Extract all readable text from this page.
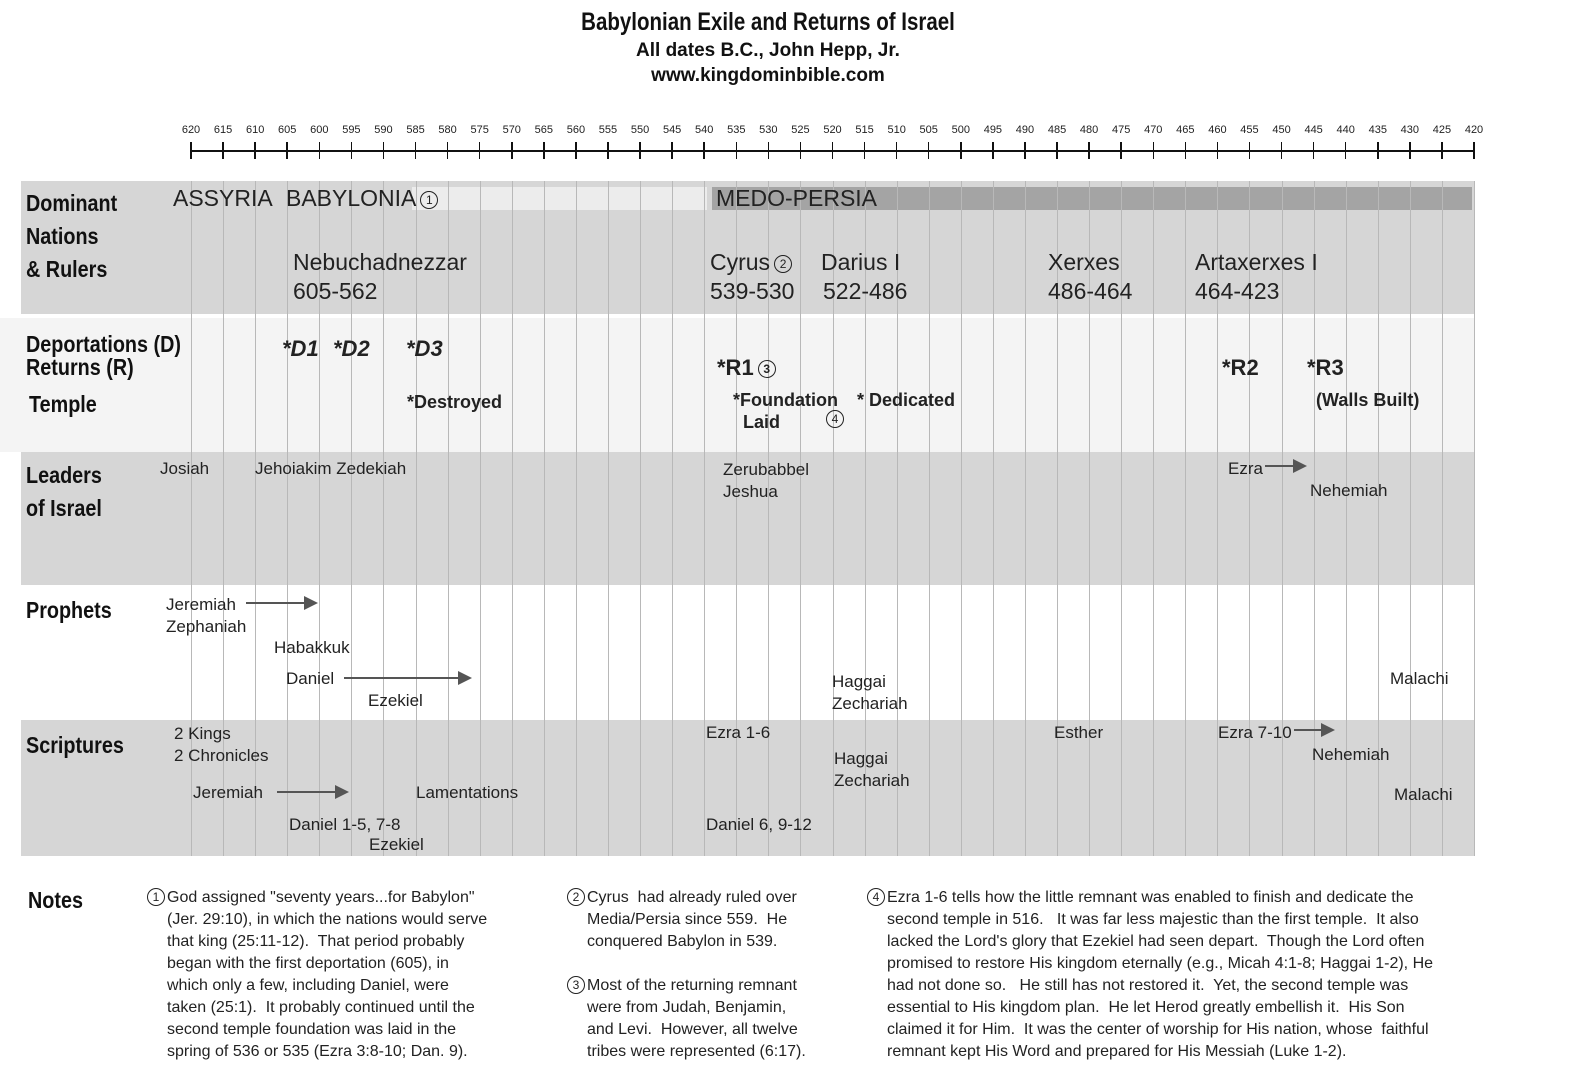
Babylonian Exile and Returns of Israel
All dates B.C., John Hepp, Jr.
www.kingdominbible.com
620 615 610 605 600 595 590 585 580 575 570 565 560 555 550 545 540 535 530 525 520 515 510 505 500 495 490 485 480 475 470 465 460 455 450 445 440 435 430 425 420
Dominant
Nations
& Rulers
Deportations (D)
Returns (R)
Temple
Leaders
of Israel
Prophets
Scriptures
Notes
ASSYRIA BABYLONIA 1	MEDO-PERSIA
Nebuchadnezzar
605-562
Cyrus 2
539-530
Darius I
522-486
Xerxes
486-464
Artaxerxes I
464-423
*D1 *D2 *D3
*Destroyed
*R1 3
*Foundation
Laid	4
* Dedicated
*R2 *R3
(Walls Built)
Josiah	Jehoiakim Zedekiah	Zerubabbel
Jeshua
Ezra
Nehemiah
Jeremiah
Zephaniah
Habakkuk
Daniel
Ezekiel
Haggai
Zechariah
Malachi
2 Kings
2 Chronicles
Jeremiah	Lamentations
Daniel 1-5, 7-8
Ezekiel
Ezra 1-6
Daniel 6, 9-12
Haggai
Zechariah
Esther	Ezra 7-10
Nehemiah
Malachi
1 God assigned "seventy years...for Babylon"
(Jer. 29:10), in which the nations would serve
that king (25:11-12).  That period probably
began with the first deportation (605), in
which only a few, including Daniel, were
taken (25:1).  It probably continued until the
second temple foundation was laid in the
spring of 536 or 535 (Ezra 3:8-10; Dan. 9).
2 Cyrus  had already ruled over
Media/Persia since 559.  He
conquered Babylon in 539.
3 Most of the returning remnant
were from Judah, Benjamin,
and Levi.  However, all twelve
tribes were represented (6:17).
4 Ezra 1-6 tells how the little remnant was enabled to finish and dedicate the
second temple in 516.   It was far less majestic than the first temple.  It also
lacked the Lord's glory that Ezekiel had seen depart.  Though the Lord often
promised to restore His kingdom eternally (e.g., Micah 4:1-8; Haggai 1-2), He
had not done so.   He still has not restored it.  Yet, the second temple was
essential to His kingdom plan.  He let Herod greatly embellish it.  His Son
claimed it for Him.  It was the center of worship for His nation, whose  faithful
remnant kept His Word and prepared for His Messiah (Luke 1-2).
